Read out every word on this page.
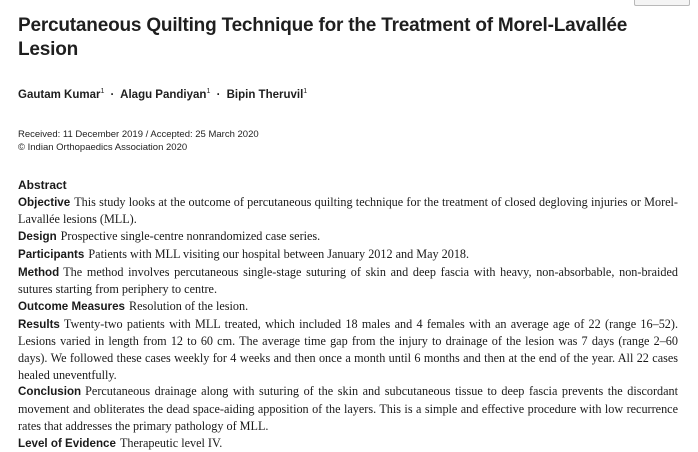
Percutaneous Quilting Technique for the Treatment of Morel-Lavallée Lesion
Gautam Kumar$^1$ · Alagu Pandiyan$^1$ · Bipin Theruvil$^1$
Received: 11 December 2019 / Accepted: 25 March 2020
© Indian Orthopaedics Association 2020
Abstract

Objective This study looks at the outcome of percutaneous quilting technique for the treatment of closed degloving injuries or Morel-Lavallée lesions (MLL).

Design Prospective single-centre nonrandomized case series.

Participants Patients with MLL visiting our hospital between January 2012 and May 2018.

Method The method involves percutaneous single-stage suturing of skin and deep fascia with heavy, non-absorbable, non-braided sutures starting from periphery to centre.

Outcome Measures Resolution of the lesion.

Results Twenty-two patients with MLL treated, which included 18 males and 4 females with an average age of 22 (range 16–52). Lesions varied in length from 12 to 60 cm. The average time gap from the injury to drainage of the lesion was 7 days (range 2–60 days). We followed these cases weekly for 4 weeks and then once a month until 6 months and then at the end of the year. All 22 cases healed uneventfully.

Conclusion Percutaneous drainage along with suturing of the skin and subcutaneous tissue to deep fascia prevents the discordant movement and obliterates the dead space-aiding apposition of the layers. This is a simple and effective procedure with low recurrence rates that addresses the primary pathology of MLL.

Level of Evidence Therapeutic level IV.
